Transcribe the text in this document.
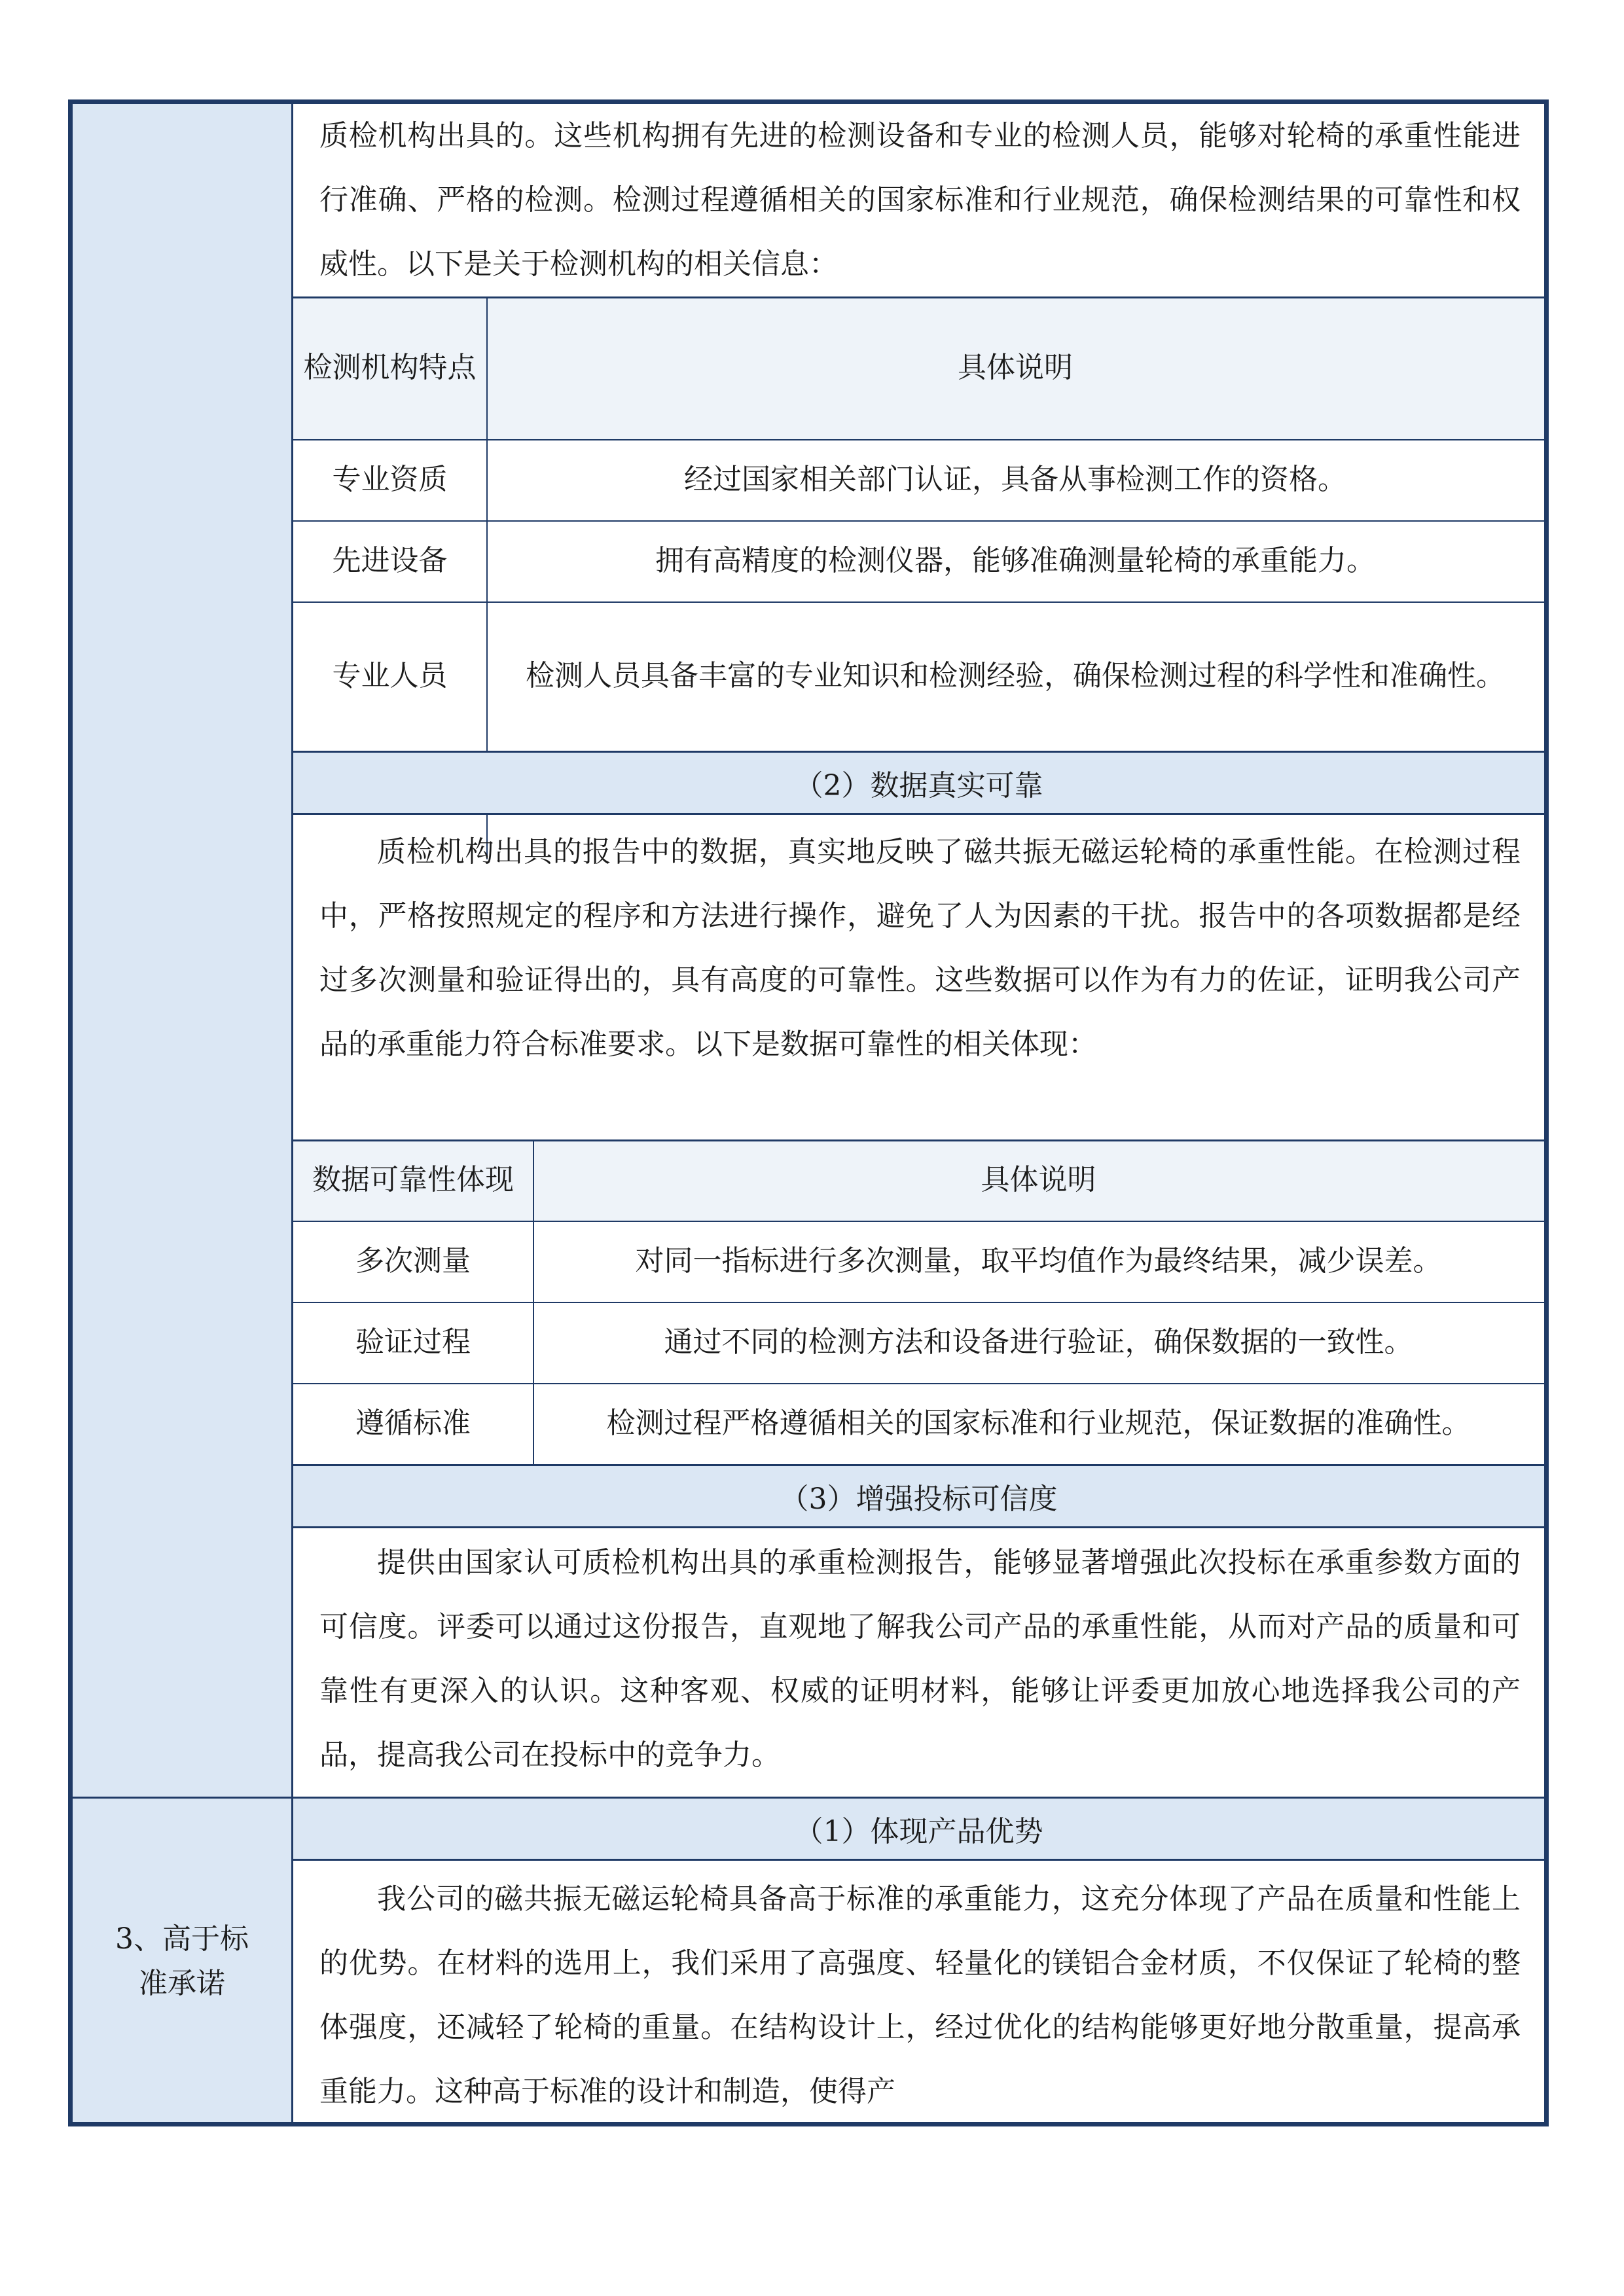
3、高于标
准承诺
质检机构出具的。这些机构拥有先进的检测设备和专业的检测人员，能够对轮椅的承重性能进行准确、严格的检测。检测过程遵循相关的国家标准和行业规范，确保检测结果的可靠性和权威性。以下是关于检测机构的相关信息：
检测机构特点	具体说明
专业资质	经过国家相关部门认证，具备从事检测工作的资格。
先进设备	拥有高精度的检测仪器，能够准确测量轮椅的承重能力。
专业人员	检测人员具备丰富的专业知识和检测经验，确保检测过程的科学性和准确性。
（2）数据真实可靠
质检机构出具的报告中的数据，真实地反映了磁共振无磁运轮椅的承重性能。在检测过程中，严格按照规定的程序和方法进行操作，避免了人为因素的干扰。报告中的各项数据都是经过多次测量和验证得出的，具有高度的可靠性。这些数据可以作为有力的佐证，证明我公司产品的承重能力符合标准要求。以下是数据可靠性的相关体现：
数据可靠性体现	具体说明
多次测量	对同一指标进行多次测量，取平均值作为最终结果，减少误差。
验证过程	通过不同的检测方法和设备进行验证，确保数据的一致性。
遵循标准	检测过程严格遵循相关的国家标准和行业规范，保证数据的准确性。
（3）增强投标可信度
提供由国家认可质检机构出具的承重检测报告，能够显著增强此次投标在承重参数方面的可信度。评委可以通过这份报告，直观地了解我公司产品的承重性能，从而对产品的质量和可靠性有更深入的认识。这种客观、权威的证明材料，能够让评委更加放心地选择我公司的产品，提高我公司在投标中的竞争力。
（1）体现产品优势
我公司的磁共振无磁运轮椅具备高于标准的承重能力，这充分体现了产品在质量和性能上的优势。在材料的选用上，我们采用了高强度、轻量化的镁铝合金材质，不仅保证了轮椅的整体强度，还减轻了轮椅的重量。在结构设计上，经过优化的结构能够更好地分散重量，提高承重能力。这种高于标准的设计和制造，使得产
